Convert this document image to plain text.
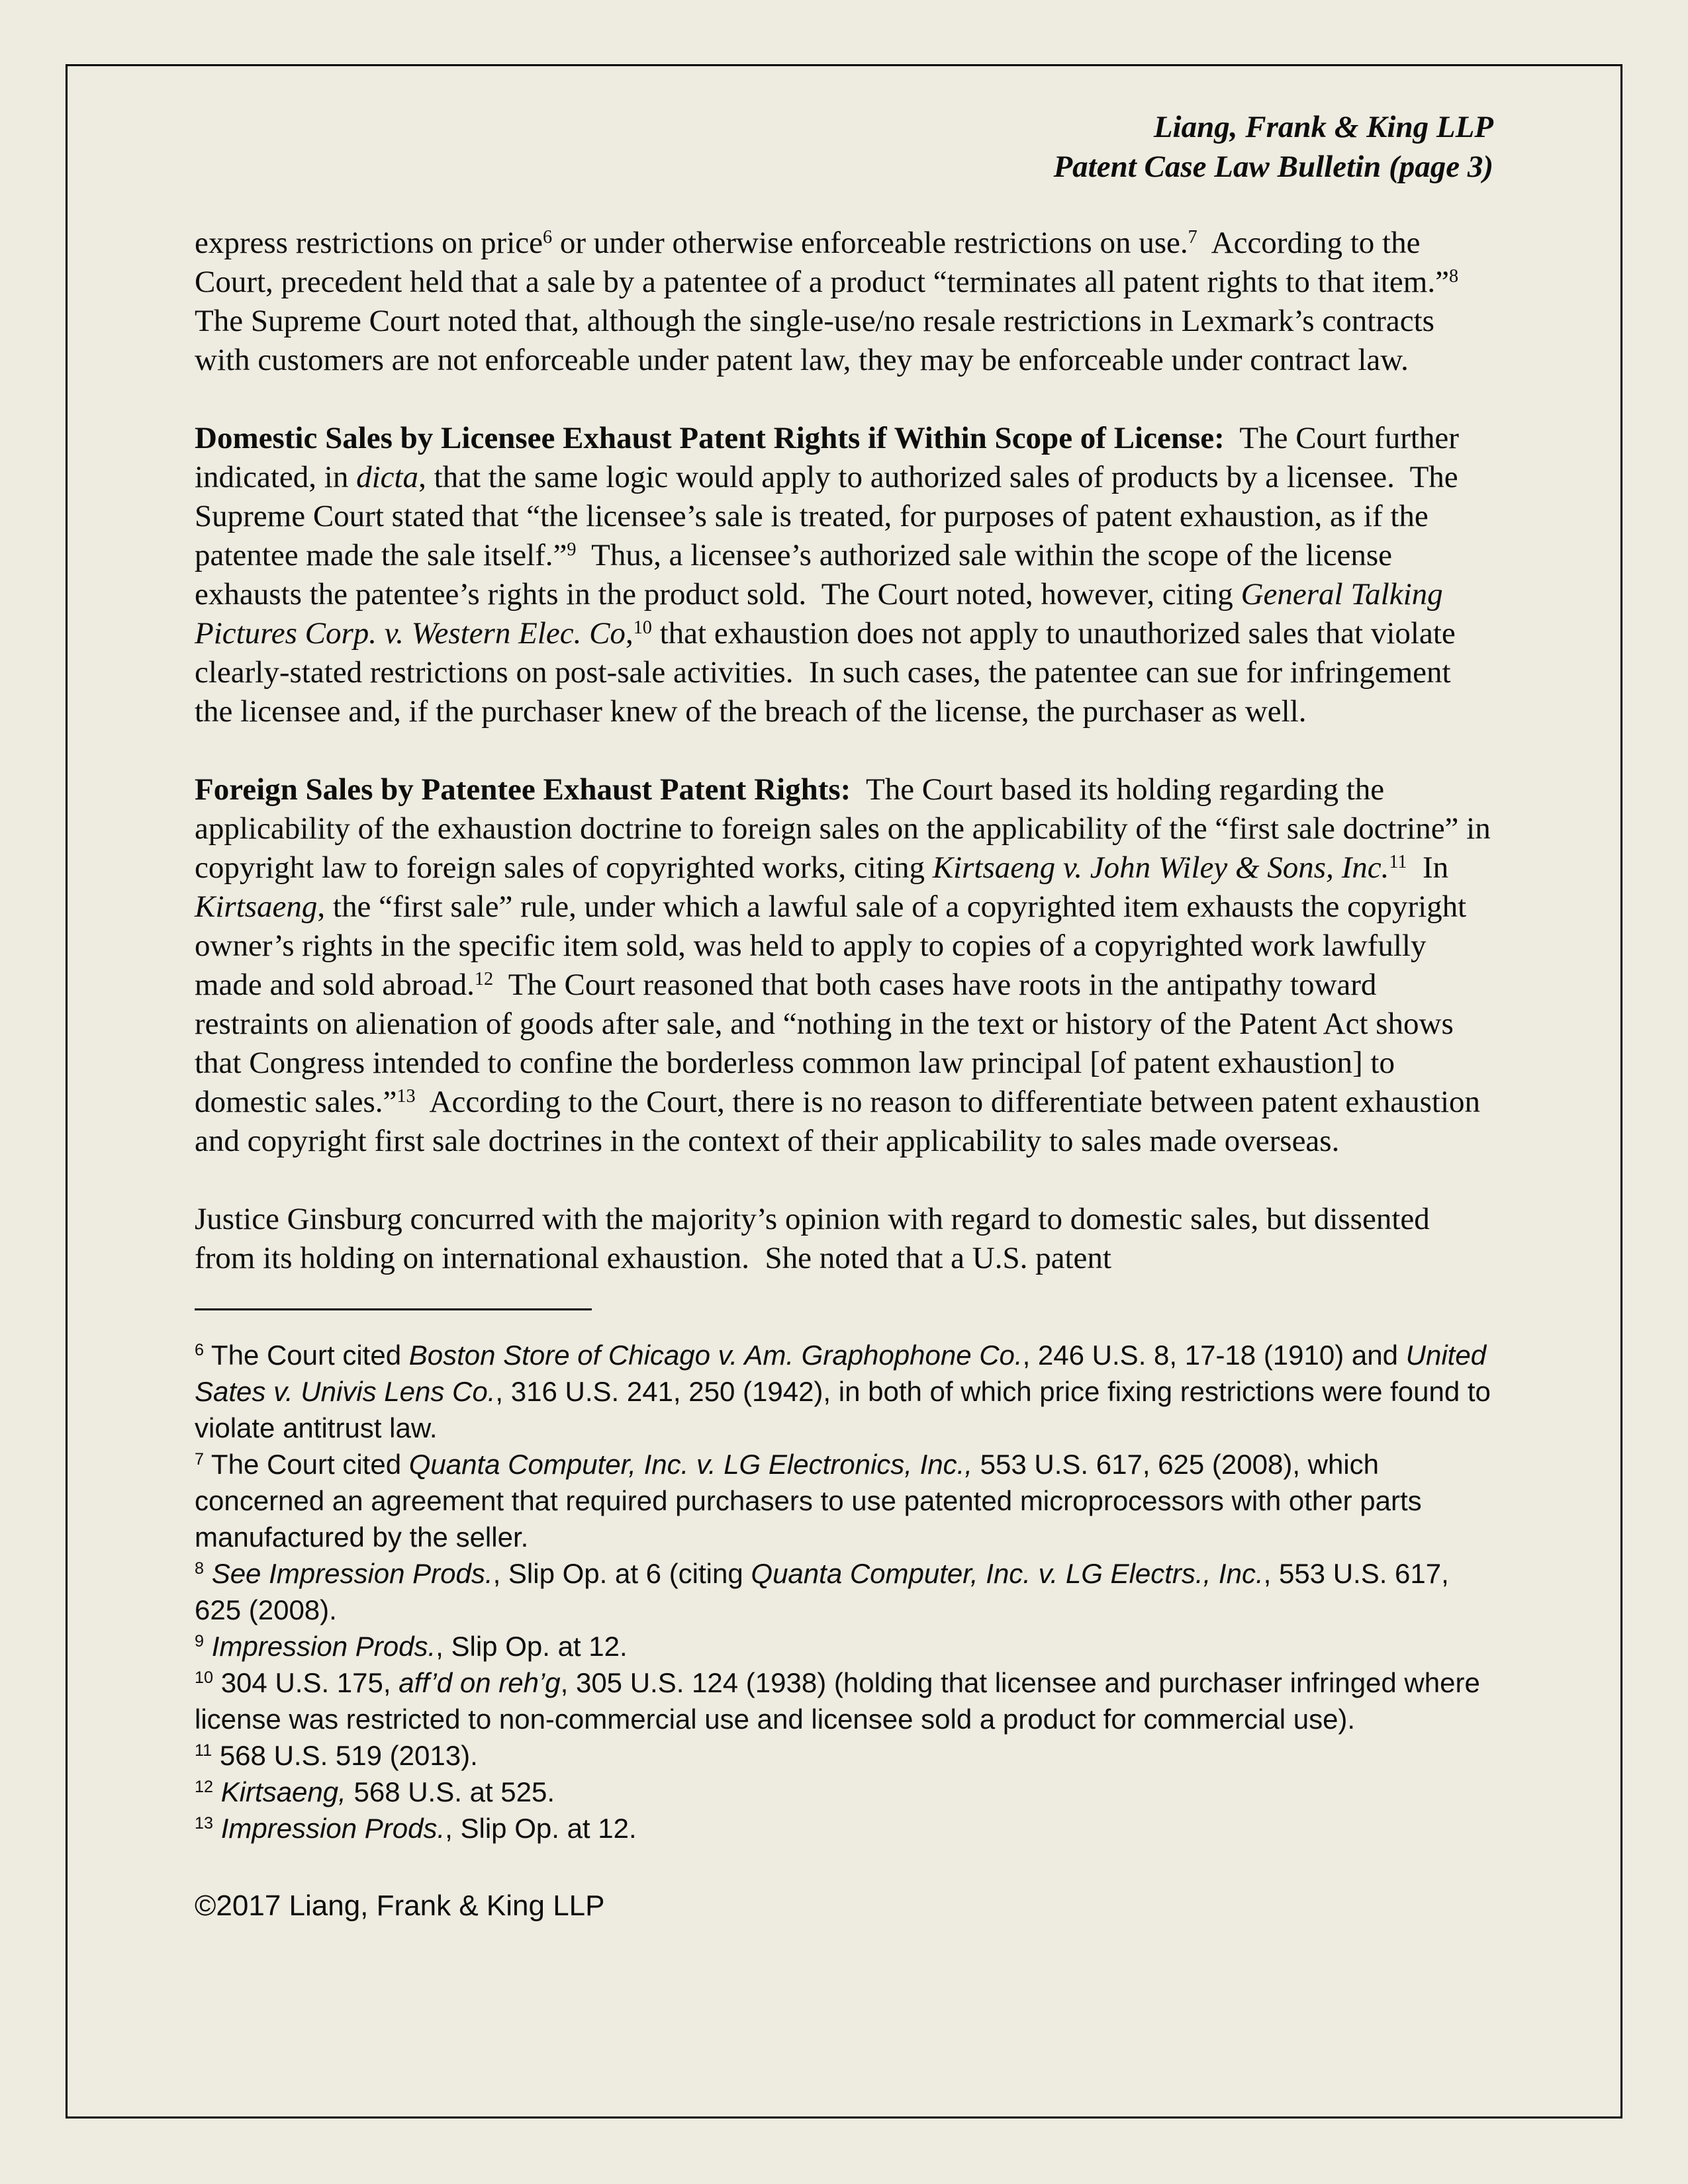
Liang, Frank & King LLP
Patent Case Law Bulletin (page 3)
express restrictions on price$^6$ or under otherwise enforceable restrictions on use.$^7$  According to the Court, precedent held that a sale by a patentee of a product “terminates all patent rights to that item.”$^8$  The Supreme Court noted that, although the single-use/no resale restrictions in Lexmark’s contracts with customers are not enforceable under patent law, they may be enforceable under contract law.
Domestic Sales by Licensee Exhaust Patent Rights if Within Scope of License:  The Court further indicated, in dicta, that the same logic would apply to authorized sales of products by a licensee.  The Supreme Court stated that “the licensee’s sale is treated, for purposes of patent exhaustion, as if the patentee made the sale itself.”$^9$  Thus, a licensee’s authorized sale within the scope of the license exhausts the patentee’s rights in the product sold.  The Court noted, however, citing General Talking Pictures Corp. v. Western Elec. Co,$^{10}$ that exhaustion does not apply to unauthorized sales that violate clearly-stated restrictions on post-sale activities.  In such cases, the patentee can sue for infringement the licensee and, if the purchaser knew of the breach of the license, the purchaser as well.
Foreign Sales by Patentee Exhaust Patent Rights:  The Court based its holding regarding the applicability of the exhaustion doctrine to foreign sales on the applicability of the “first sale doctrine” in copyright law to foreign sales of copyrighted works, citing Kirtsaeng v. John Wiley & Sons, Inc.$^{11}$  In Kirtsaeng, the “first sale” rule, under which a lawful sale of a copyrighted item exhausts the copyright owner’s rights in the specific item sold, was held to apply to copies of a copyrighted work lawfully made and sold abroad.$^{12}$  The Court reasoned that both cases have roots in the antipathy toward restraints on alienation of goods after sale, and “nothing in the text or history of the Patent Act shows that Congress intended to confine the borderless common law principal [of patent exhaustion] to domestic sales.”$^{13}$  According to the Court, there is no reason to differentiate between patent exhaustion and copyright first sale doctrines in the context of their applicability to sales made overseas.
Justice Ginsburg concurred with the majority’s opinion with regard to domestic sales, but dissented from its holding on international exhaustion.  She noted that a U.S. patent
$^6$ The Court cited Boston Store of Chicago v. Am. Graphophone Co., 246 U.S. 8, 17-18 (1910) and United Sates v. Univis Lens Co., 316 U.S. 241, 250 (1942), in both of which price fixing restrictions were found to violate antitrust law.
$^7$ The Court cited Quanta Computer, Inc. v. LG Electronics, Inc., 553 U.S. 617, 625 (2008), which concerned an agreement that required purchasers to use patented microprocessors with other parts manufactured by the seller.
$^8$ See Impression Prods., Slip Op. at 6 (citing Quanta Computer, Inc. v. LG Electrs., Inc., 553 U.S. 617, 625 (2008).
$^9$ Impression Prods., Slip Op. at 12.
$^{10}$ 304 U.S. 175, aff’d on reh’g, 305 U.S. 124 (1938) (holding that licensee and purchaser infringed where license was restricted to non-commercial use and licensee sold a product for commercial use).
$^{11}$ 568 U.S. 519 (2013).
$^{12}$ Kirtsaeng, 568 U.S. at 525.
$^{13}$ Impression Prods., Slip Op. at 12.
©2017 Liang, Frank & King LLP
